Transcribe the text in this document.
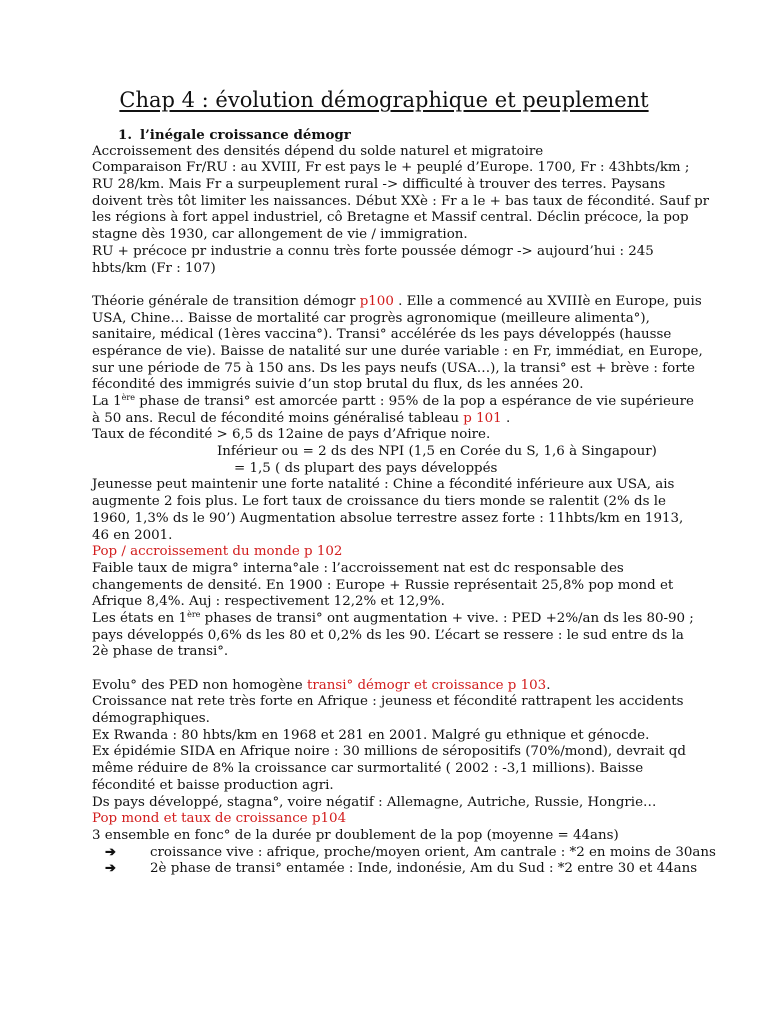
Chap 4 : évolution démographique et peuplement
1. l’inégale croissance démogr
Accroissement des densités dépend du solde naturel et migratoire
Comparaison Fr/RU : au XVIII, Fr est pays le + peuplé d’Europe. 1700, Fr : 43hbts/km ;
RU 28/km. Mais Fr a surpeuplement rural -> difficulté à trouver des terres. Paysans
doivent très tôt limiter les naissances. Début XXè : Fr a le + bas taux de fécondité. Sauf pr
les régions à fort appel industriel, cô Bretagne et Massif central. Déclin précoce, la pop
stagne dès 1930, car allongement de vie / immigration.
RU + précoce pr industrie a connu très forte poussée démogr -> aujourd’hui : 245
hbts/km (Fr : 107)
Théorie générale de transition démogr p100 . Elle a commencé au XVIIIè en Europe, puis
USA, Chine… Baisse de mortalité car progrès agronomique (meilleure alimenta°),
sanitaire, médical (1ères vaccina°). Transi° accélérée ds les pays développés (hausse
espérance de vie). Baisse de natalité sur une durée variable : en Fr, immédiat, en Europe,
sur une période de 75 à 150 ans. Ds les pays neufs (USA…), la transi° est + brève : forte
fécondité des immigrés suivie d’un stop brutal du flux, ds les années 20.
La 1ère phase de transi° est amorcée partt : 95% de la pop a espérance de vie supérieure
à 50 ans. Recul de fécondité moins généralisé tableau p 101 .
Taux de fécondité > 6,5 ds 12aine de pays d’Afrique noire.
Inférieur ou = 2 ds des NPI (1,5 en Corée du S, 1,6 à Singapour)
= 1,5 ( ds plupart des pays développés
Jeunesse peut maintenir une forte natalité : Chine a fécondité inférieure aux USA, ais
augmente 2 fois plus. Le fort taux de croissance du tiers monde se ralentit (2% ds le
1960, 1,3% ds le 90’) Augmentation absolue terrestre assez forte : 11hbts/km en 1913,
46 en 2001.
Pop / accroissement du monde p 102
Faible taux de migra° interna°ale : l’accroissement nat est dc responsable des
changements de densité. En 1900 : Europe + Russie représentait 25,8% pop mond et
Afrique 8,4%. Auj : respectivement 12,2% et 12,9%.
Les états en 1ère phases de transi° ont augmentation + vive. : PED +2%/an ds les 80-90 ;
pays développés 0,6% ds les 80 et 0,2% ds les 90. L’écart se ressere : le sud entre ds la
2è phase de transi°.
Evolu° des PED non homogène transi° démogr et croissance p 103.
Croissance nat rete très forte en Afrique : jeuness et fécondité rattrapent les accidents
démographiques.
Ex Rwanda : 80 hbts/km en 1968 et 281 en 2001. Malgré gu ethnique et génocde.
Ex épidémie SIDA en Afrique noire : 30 millions de séropositifs (70%/mond), devrait qd
même réduire de 8% la croissance car surmortalité ( 2002 : -3,1 millions). Baisse
fécondité et baisse production agri.
Ds pays développé, stagna°, voire négatif : Allemagne, Autriche, Russie, Hongrie…
Pop mond et taux de croissance p104
3 ensemble en fonc° de la durée pr doublement de la pop (moyenne = 44ans)
➔	croissance vive : afrique, proche/moyen orient, Am cantrale : *2 en moins de 30ans
➔	2è phase de transi° entamée : Inde, indonésie, Am du Sud : *2 entre 30 et 44ans
